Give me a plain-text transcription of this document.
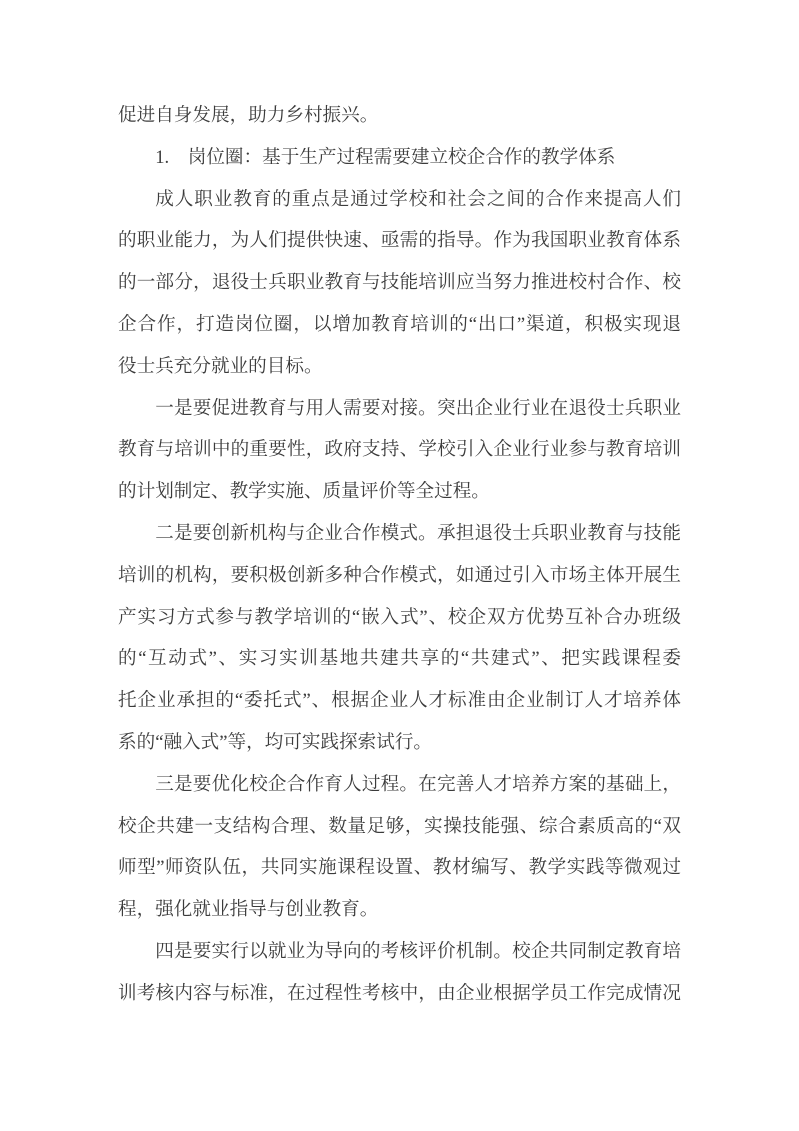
促进自身发展，助力乡村振兴。
1.　岗位圈：基于生产过程需要建立校企合作的教学体系
成人职业教育的重点是通过学校和社会之间的合作来提高人们
的职业能力，为人们提供快速、亟需的指导。作为我国职业教育体系
的一部分，退役士兵职业教育与技能培训应当努力推进校村合作、校
企合作，打造岗位圈，以增加教育培训的“出口”渠道，积极实现退
役士兵充分就业的目标。
一是要促进教育与用人需要对接。突出企业行业在退役士兵职业
教育与培训中的重要性，政府支持、学校引入企业行业参与教育培训
的计划制定、教学实施、质量评价等全过程。
二是要创新机构与企业合作模式。承担退役士兵职业教育与技能
培训的机构，要积极创新多种合作模式，如通过引入市场主体开展生
产实习方式参与教学培训的“嵌入式”、校企双方优势互补合办班级
的“互动式”、实习实训基地共建共享的“共建式”、把实践课程委
托企业承担的“委托式”、根据企业人才标准由企业制订人才培养体
系的“融入式”等，均可实践探索试行。
三是要优化校企合作育人过程。在完善人才培养方案的基础上，
校企共建一支结构合理、数量足够，实操技能强、综合素质高的“双
师型”师资队伍，共同实施课程设置、教材编写、教学实践等微观过
程，强化就业指导与创业教育。
四是要实行以就业为导向的考核评价机制。校企共同制定教育培
训考核内容与标准，在过程性考核中，由企业根据学员工作完成情况
